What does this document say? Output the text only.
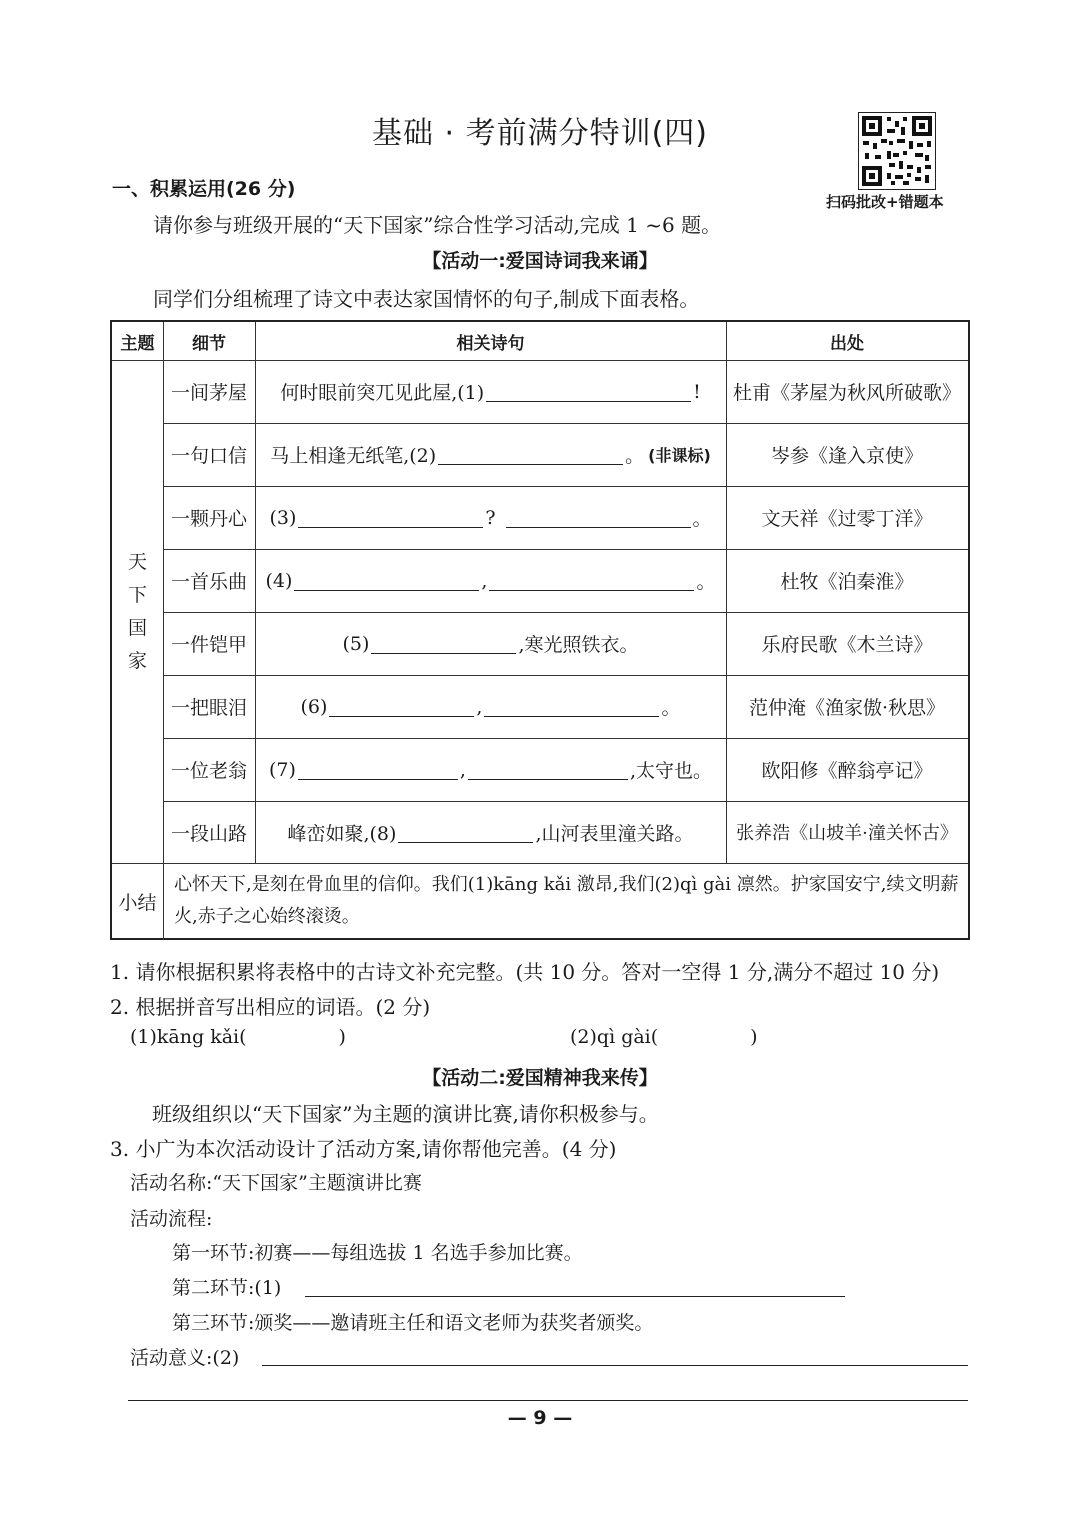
基础 · 考前满分特训(四)
扫码批改+错题本
一、积累运用(26 分)
请你参与班级开展的“天下国家”综合性学习活动,完成 1 ~6 题。
【活动一:爱国诗词我来诵】
同学们分组梳理了诗文中表达家国情怀的句子,制成下面表格。
主题	细节	相关诗句	出处
天
下
国
家
一间茅屋	何时眼前突兀见此屋,(1)	!	杜甫《茅屋为秋风所破歌》
一句口信	马上相逢无纸笔,(2)	。 (非课标)	岑参《逢入京使》
一颗丹心	(3)	?	。	文天祥《过零丁洋》
一首乐曲 (4)	,	。	杜牧《泊秦淮》
一件铠甲	(5)	,寒光照铁衣。	乐府民歌《木兰诗》
一把眼泪	(6)	,	。	范仲淹《渔家傲·秋思》
一位老翁	(7)	,	,太守也。	欧阳修《醉翁亭记》
一段山路	峰峦如聚,(8)	,山河表里潼关路。	张养浩《山坡羊·潼关怀古》
小结
心怀天下,是刻在骨血里的信仰。我们(1)kāng kǎi 激昂,我们(2)qì gài 凛然。护家国安宁,续文明薪火,赤子之心始终滚烫。
1. 请你根据积累将表格中的古诗文补充完整。(共 10 分。答对一空得 1 分,满分不超过 10 分)
2. 根据拼音写出相应的词语。(2 分)
(1)kāng kǎi(	)	(2)qì gài(	)
【活动二:爱国精神我来传】
班级组织以“天下国家”为主题的演讲比赛,请你积极参与。
3. 小广为本次活动设计了活动方案,请你帮他完善。(4 分)
活动名称:“天下国家”主题演讲比赛
活动流程:
第一环节:初赛——每组选拔 1 名选手参加比赛。
第二环节:(1)
第三环节:颁奖——邀请班主任和语文老师为获奖者颁奖。
活动意义:(2)
— 9 —
